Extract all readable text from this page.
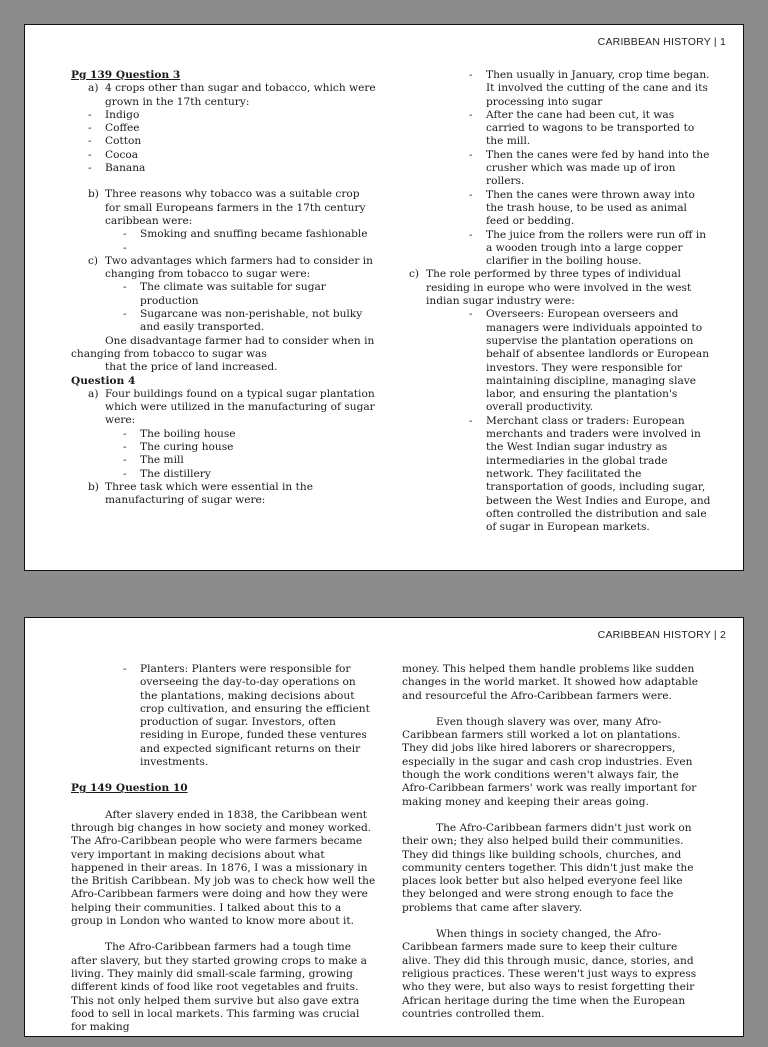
CARIBBEAN HISTORY | 1
Pg 139 Question 3
a) 4 crops other than sugar and tobacco, which were grown in the 17th century:
- Indigo
- Coffee
- Cotton
- Cocoa
- Banana
b) Three reasons why tobacco was a suitable crop for small Europeans farmers in the 17th century caribbean were:
- Smoking and snuffing became fashionable
-

c) Two advantages which farmers had to consider in changing from tobacco to sugar were:
- The climate was suitable for sugar production
- Sugarcane was non-perishable, not bulky and easily transported.
One disadvantage farmer had to consider when in
changing from tobacco to sugar was
that the price of land increased.
Question 4
a) Four buildings found on a typical sugar plantation which were utilized in the manufacturing of sugar were:
- The boiling house
- The curing house
- The mill
- The distillery
b) Three task which were essential in the manufacturing of sugar were:
- Then usually in January, crop time began. It involved the cutting of the cane and its processing into sugar
- After the cane had been cut, it was carried to wagons to be transported to the mill.
- Then the canes were fed by hand into the crusher which was made up of iron rollers.
- Then the canes were thrown away into the trash house, to be used as animal feed or bedding.
- The juice from the rollers were run off in a wooden trough into a large copper clarifier in the boiling house.
c) The role performed by three types of individual residing in europe who were involved in the west indian sugar industry were:
- Overseers: European overseers and managers were individuals appointed to supervise the plantation operations on behalf of absentee landlords or European investors. They were responsible for maintaining discipline, managing slave labor, and ensuring the plantation's overall productivity.
- Merchant class or traders: European merchants and traders were involved in the West Indian sugar industry as intermediaries in the global trade network. They facilitated the transportation of goods, including sugar, between the West Indies and Europe, and often controlled the distribution and sale of sugar in European markets.
CARIBBEAN HISTORY | 2
- Planters: Planters were responsible for overseeing the day-to-day operations on the plantations, making decisions about crop cultivation, and ensuring the efficient production of sugar. Investors, often residing in Europe, funded these ventures and expected significant returns on their investments.
Pg 149 Question 10

After slavery ended in 1838, the Caribbean went through big changes in how society and money worked. The Afro-Caribbean people who were farmers became very important in making decisions about what happened in their areas. In 1876, I was a missionary in the British Caribbean. My job was to check how well the Afro-Caribbean farmers were doing and how they were helping their communities. I talked about this to a group in London who wanted to know more about it.

The Afro-Caribbean farmers had a tough time after slavery, but they started growing crops to make a living. They mainly did small-scale farming, growing different kinds of food like root vegetables and fruits. This not only helped them survive but also gave extra food to sell in local markets. This farming was crucial for making

money. This helped them handle problems like sudden changes in the world market. It showed how adaptable and resourceful the Afro-Caribbean farmers were.

Even though slavery was over, many Afro-Caribbean farmers still worked a lot on plantations. They did jobs like hired laborers or sharecroppers, especially in the sugar and cash crop industries. Even though the work conditions weren't always fair, the Afro-Caribbean farmers' work was really important for making money and keeping their areas going.

The Afro-Caribbean farmers didn't just work on their own; they also helped build their communities. They did things like building schools, churches, and community centers together. This didn't just make the places look better but also helped everyone feel like they belonged and were strong enough to face the problems that came after slavery.

When things in society changed, the Afro-Caribbean farmers made sure to keep their culture alive. They did this through music, dance, stories, and religious practices. These weren't just ways to express who they were, but also ways to resist forgetting their African heritage during the time when the European countries controlled them.
